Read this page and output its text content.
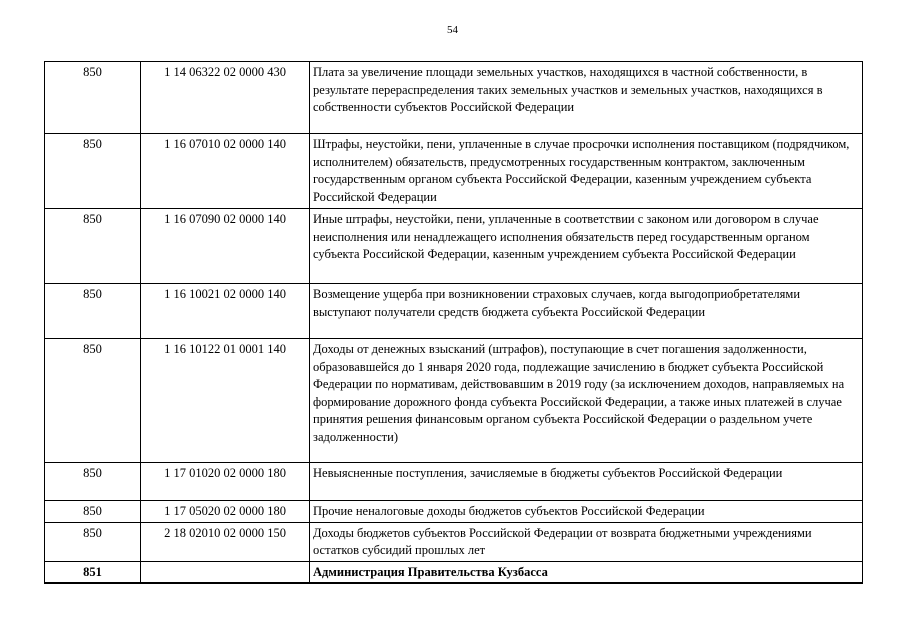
54
850	1 14 06322 02 0000 430	Плата за увеличение площади земельных участков, находящихся в частной собственности, в результате перераспределения таких земельных участков и земельных участков, находящихся в собственности субъектов Российской Федерации
850	1 16 07010 02 0000 140	Штрафы, неустойки, пени, уплаченные в случае просрочки исполнения поставщиком (подрядчиком, исполнителем) обязательств, предусмотренных государственным контрактом, заключенным государственным органом субъекта Российской Федерации, казенным учреждением субъекта Российской Федерации
850	1 16 07090 02 0000 140	Иные штрафы, неустойки, пени, уплаченные в соответствии с законом или договором в случае неисполнения или ненадлежащего исполнения обязательств перед государственным органом субъекта Российской Федерации, казенным учреждением субъекта Российской Федерации
850	1 16 10021 02 0000 140	Возмещение ущерба при возникновении страховых случаев, когда выгодоприобретателями выступают получатели средств бюджета субъекта Российской Федерации
850	1 16 10122 01 0001 140	Доходы от денежных взысканий (штрафов), поступающие в счет погашения задолженности, образовавшейся до 1 января 2020 года, подлежащие зачислению в бюджет субъекта Российской Федерации по нормативам, действовавшим в 2019 году (за исключением доходов, направляемых на формирование дорожного фонда субъекта Российской Федерации, а также иных платежей в случае принятия решения финансовым органом субъекта Российской Федерации о раздельном учете задолженности)
850	1 17 01020 02 0000 180	Невыясненные поступления, зачисляемые в бюджеты субъектов Российской Федерации
850	1 17 05020 02 0000 180	Прочие неналоговые доходы бюджетов субъектов Российской Федерации
850	2 18 02010 02 0000 150	Доходы бюджетов субъектов Российской Федерации от возврата бюджетными учреждениями остатков субсидий прошлых лет
851		Администрация Правительства Кузбасса
